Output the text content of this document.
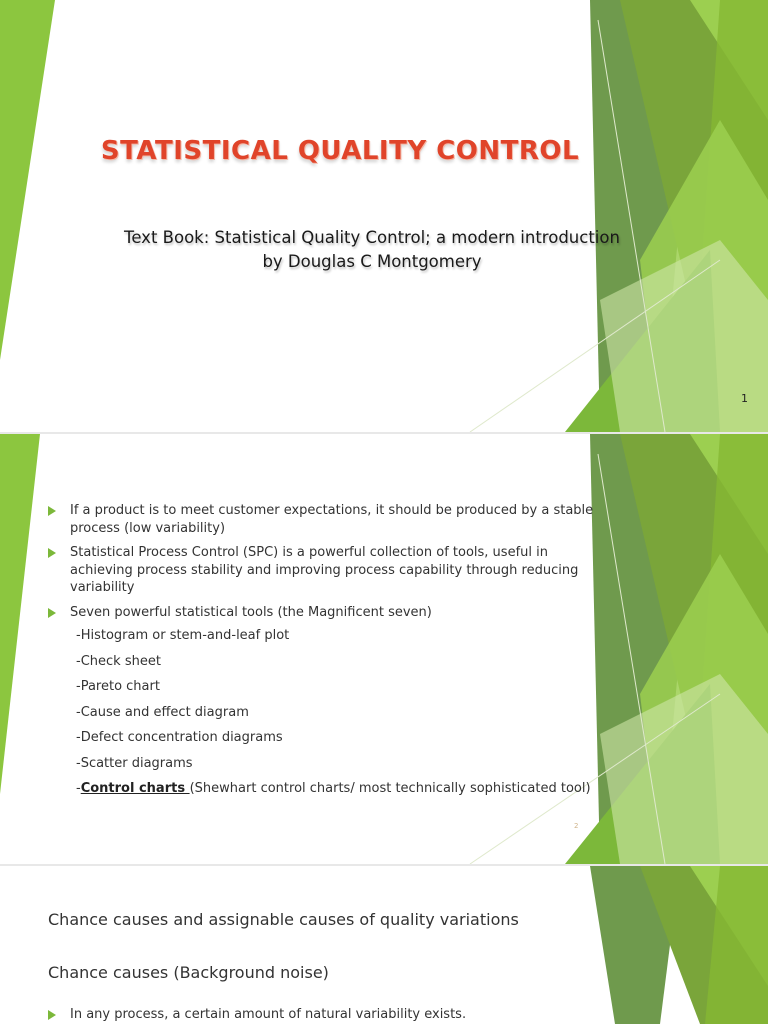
STATISTICAL QUALITY CONTROL
Text Book: Statistical Quality Control; a modern introduction
by Douglas C Montgomery
1
If a product is to meet customer expectations, it should be produced by a stable process (low variability)
Statistical Process Control (SPC) is a powerful collection of tools, useful in achieving process stability and improving process capability through reducing variability
Seven powerful statistical tools (the Magnificent seven)
-Histogram or stem-and-leaf plot
-Check sheet
-Pareto chart
-Cause and effect diagram
-Defect concentration diagrams
-Scatter diagrams
-Control charts (Shewhart control charts/ most technically sophisticated tool)
2
Chance causes and assignable causes of quality variations
Chance causes (Background noise)
In any process, a certain amount of natural variability exists.
